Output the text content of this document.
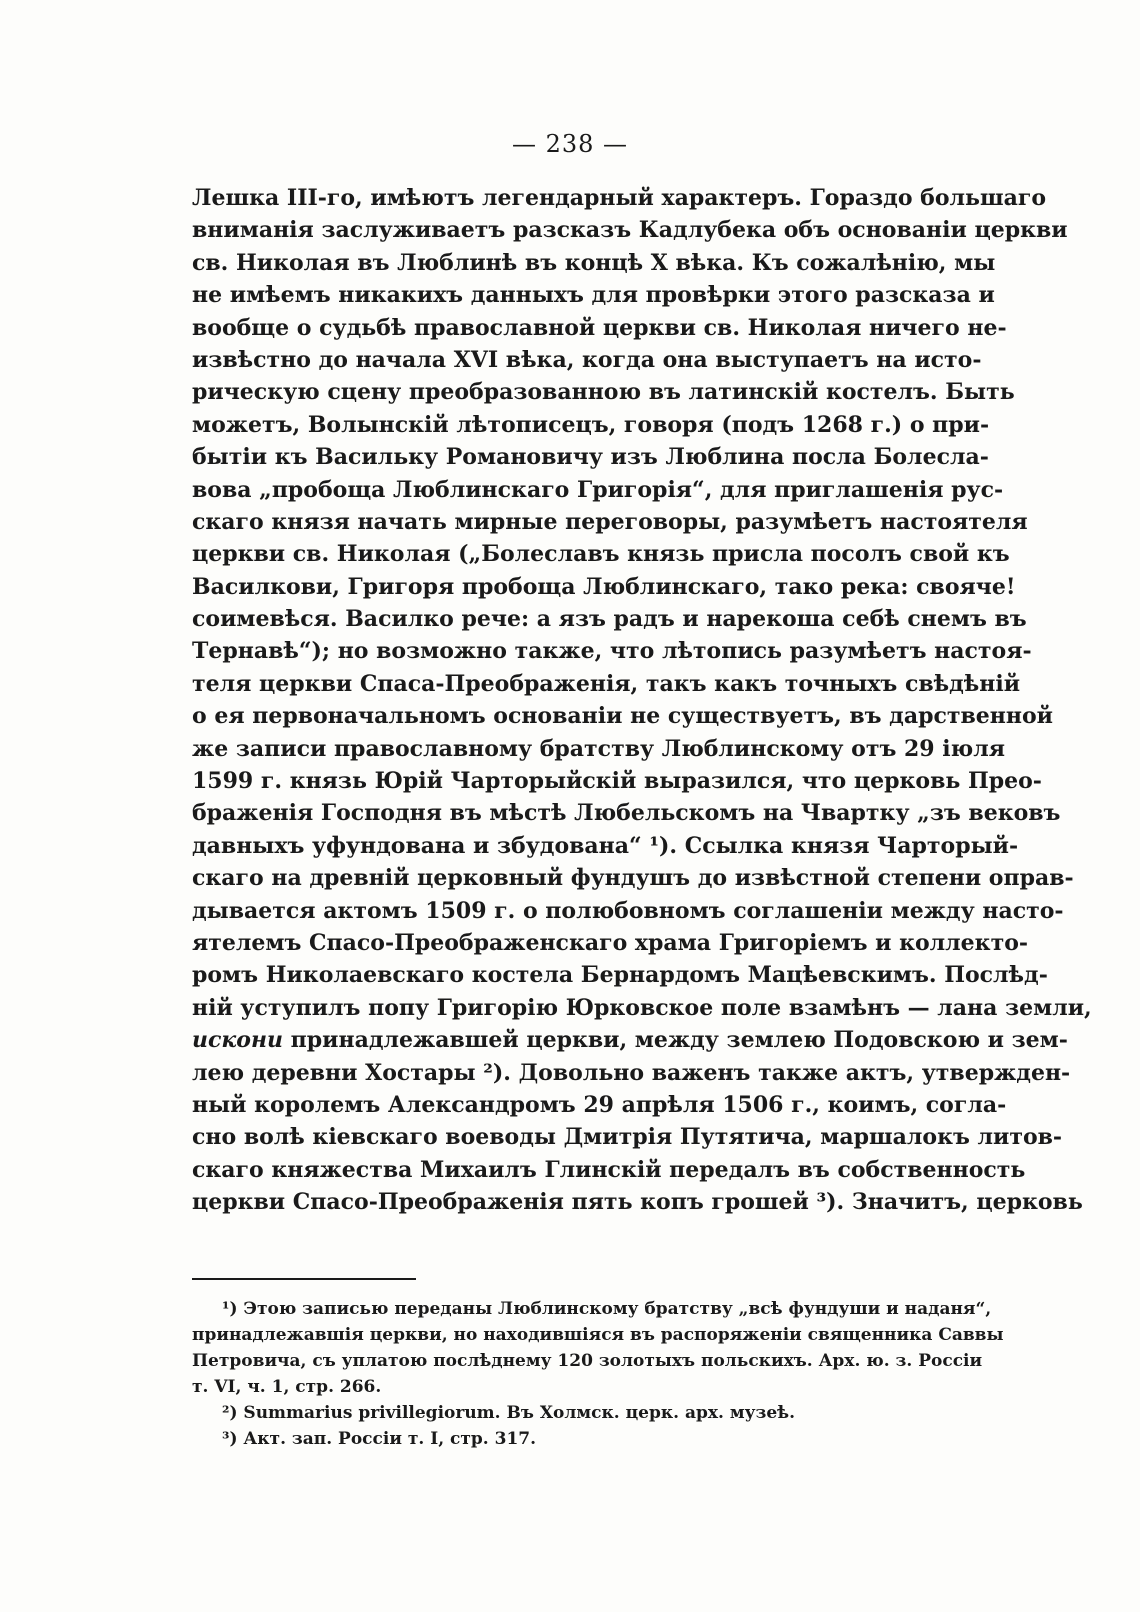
— 238 —
Лешка III-го, имѣютъ легендарный характеръ. Гораздо большаго
вниманія заслуживаетъ разсказъ Кадлубека объ основаніи церкви
св. Николая въ Люблинѣ въ концѣ X вѣка. Къ сожалѣнію, мы
не имѣемъ никакихъ данныхъ для провѣрки этого разсказа и
вообще о судьбѣ православной церкви св. Николая ничего не-
извѣстно до начала XVI вѣка, когда она выступаетъ на исто-
рическую сцену преобразованною въ латинскій костелъ. Быть
можетъ, Волынскій лѣтописецъ, говоря (подъ 1268 г.) о при-
бытіи къ Васильку Романовичу изъ Люблина посла Болесла-
вова „пробоща Люблинскаго Григорія“, для приглашенія рус-
скаго князя начать мирные переговоры, разумѣетъ настоятеля
церкви св. Николая („Болеславъ князь присла посолъ свой къ
Василкови, Григоря пробоща Люблинскаго, тако река: свояче!
соимевѣся. Василко рече: а язъ радъ и нарекоша себѣ снемъ въ
Тернавѣ“); но возможно также, что лѣтопись разумѣетъ настоя-
теля церкви Спаса-Преображенія, такъ какъ точныхъ свѣдѣній
о ея первоначальномъ основаніи не существуетъ, въ дарственной
же записи православному братству Люблинскому отъ 29 іюля
1599 г. князь Юрій Чарторыйскій выразился, что церковь Прео-
браженія Господня въ мѣстѣ Любельскомъ на Чвартку „зъ вековъ
давныхъ уфундована и збудована“ ¹). Ссылка князя Чарторый-
скаго на древній церковный фундушъ до извѣстной степени оправ-
дывается актомъ 1509 г. о полюбовномъ соглашеніи между насто-
ятелемъ Спасо-Преображенскаго храма Григоріемъ и коллекто-
ромъ Николаевскаго костела Бернардомъ Мацѣевскимъ. Послѣд-
ній уступилъ попу Григорію Юрковское поле взамѣнъ — лана земли,
искони принадлежавшей церкви, между землею Подовскою и зем-
лею деревни Хостары ²). Довольно важенъ также актъ, утвержден-
ный королемъ Александромъ 29 апрѣля 1506 г., коимъ, согла-
сно волѣ кіевскаго воеводы Дмитрія Путятича, маршалокъ литов-
скаго княжества Михаилъ Глинскій передалъ въ собственность
церкви Спасо-Преображенія пять копъ грошей ³). Значитъ, церковь
¹) Этою записью переданы Люблинскому братству „всѣ фундуши и наданя“,
принадлежавшія церкви, но находившіяся въ распоряженіи священника Саввы
Петровича, съ уплатою послѣднему 120 золотыхъ польскихъ. Арх. ю. з. Россіи
т. VI, ч. 1, стр. 266.
²) Summarius privillegiorum. Въ Холмск. церк. арх. музеѣ.
³) Акт. зап. Россіи т. I, стр. 317.
